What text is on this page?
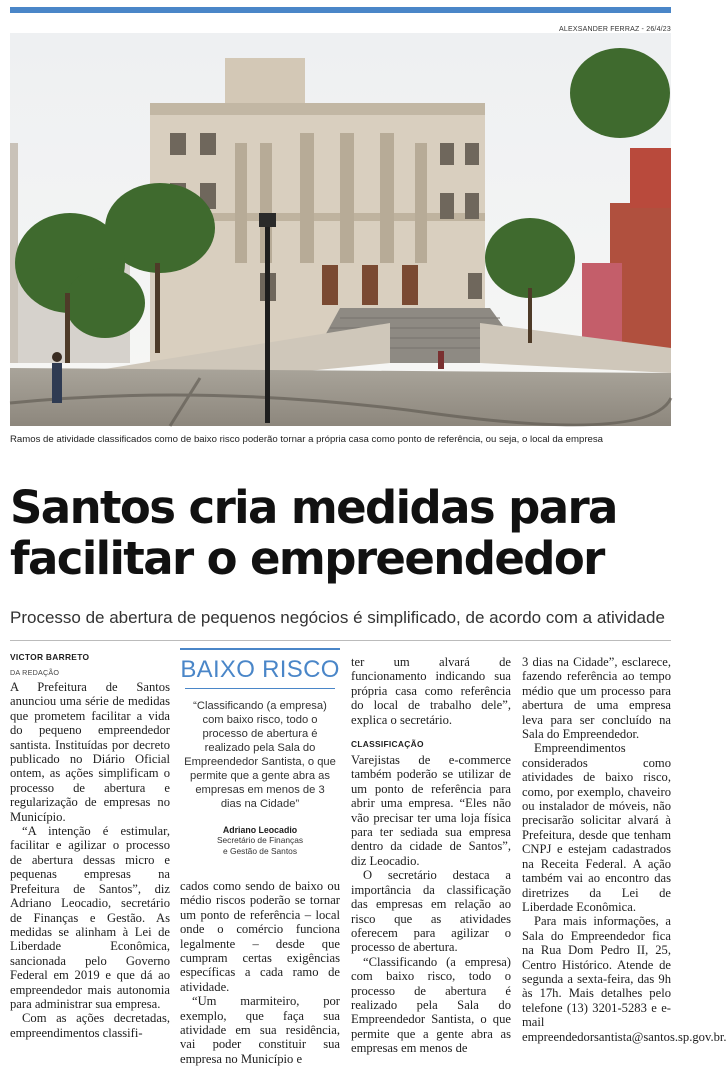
ALEXSANDER FERRAZ - 26/4/23
Ramos de atividade classificados como de baixo risco poderão tornar a própria casa como ponto de referência, ou seja, o local da empresa
Santos cria medidas para
facilitar o empreendedor

Processo de abertura de pequenos negócios é simplificado, de acordo com a atividade

VICTOR BARRETO
DA REDAÇÃO

A Prefeitura de Santos anunciou uma série de medidas que prometem facilitar a vida do pequeno empreendedor santista. Instituídas por decreto publicado no Diário Oficial ontem, as ações simplificam o processo de abertura e regularização de empresas no Município.

“A intenção é estimular, facilitar e agilizar o processo de abertura dessas micro e pequenas empresas na Prefeitura de Santos”, diz Adriano Leocadio, secretário de Finanças e Gestão. As medidas se alinham à Lei de Liberdade Econômica, sancionada pelo Governo Federal em 2019 e que dá ao empreendedor mais autonomia para administrar sua empresa.

Com as ações decretadas, empreendimentos classifi-

BAIXO RISCO
“Classificando (a empresa) com baixo risco, todo o processo de abertura é realizado pela Sala do Empreendedor Santista, o que permite que a gente abra as empresas em menos de 3 dias na Cidade”
Adriano Leocadio
Secretário de Finanças
e Gestão de Santos

cados como sendo de baixo ou médio riscos poderão se tornar um ponto de referência – local onde o comércio funciona legalmente – desde que cumpram certas exigências específicas a cada ramo de atividade.

“Um marmiteiro, por exemplo, que faça sua atividade em sua residência, vai poder constituir sua empresa no Município e

ter um alvará de funcionamento indicando sua própria casa como referência do local de trabalho dele”, explica o secretário.

CLASSIFICAÇÃO

Varejistas de e-commerce também poderão se utilizar de um ponto de referência para abrir uma empresa. “Eles não vão precisar ter uma loja física para ter sediada sua empresa dentro da cidade de Santos”, diz Leocadio.

O secretário destaca a importância da classificação das empresas em relação ao risco que as atividades oferecem para agilizar o processo de abertura.

“Classificando (a empresa) com baixo risco, todo o processo de abertura é realizado pela Sala do Empreendedor Santista, o que permite que a gente abra as empresas em menos de

3 dias na Cidade”, esclarece, fazendo referência ao tempo médio que um processo para abertura de uma empresa leva para ser concluído na Sala do Empreendedor.

Empreendimentos considerados como atividades de baixo risco, como, por exemplo, chaveiro ou instalador de móveis, não precisarão solicitar alvará à Prefeitura, desde que tenham CNPJ e estejam cadastrados na Receita Federal. A ação também vai ao encontro das diretrizes da Lei de Liberdade Econômica.

Para mais informações, a Sala do Empreendedor fica na Rua Dom Pedro II, 25, Centro Histórico. Atende de segunda a sexta-feira, das 9h às 17h. Mais detalhes pelo telefone (13) 3201-5283 e e-mail empreendedorsantista@santos.sp.gov.br.
